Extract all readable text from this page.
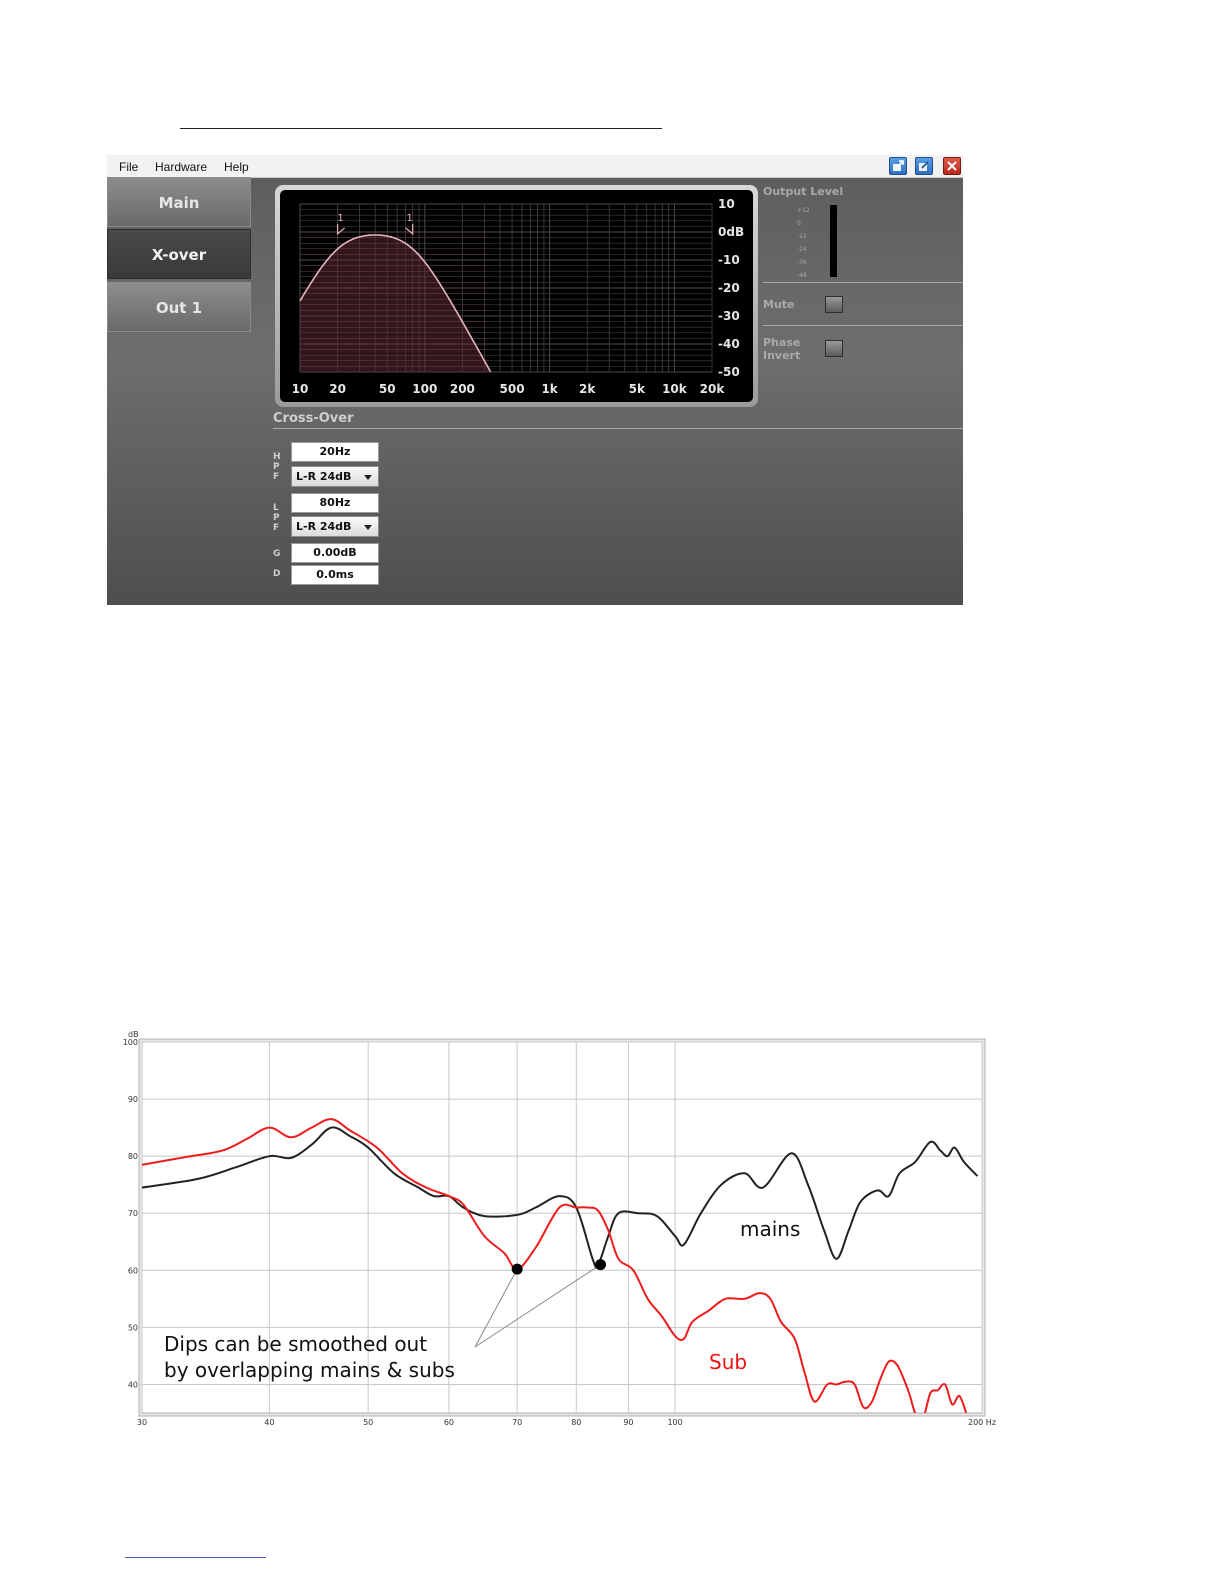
File Hardware Help
Main
X-over
Out 1
10
0dB
-10
-20
-30
-40
-50
10 20	50 100 200 500 1k 2k	5k 10k 20k
1	1
Output Level
+12
0
-12
-24
-36
-48
Mute
Phase
Invert
Cross-Over
H
P
F
20Hz
L-R 24dB
L
P
F
80Hz
L-R 24dB
G	0.00dB
D	0.0ms
40
50
60
70
80
90
100
30	40	50	60	70	80	90	100	200 Hz
dB
mains
Sub
Dips can be smoothed out
by overlapping mains & subs
